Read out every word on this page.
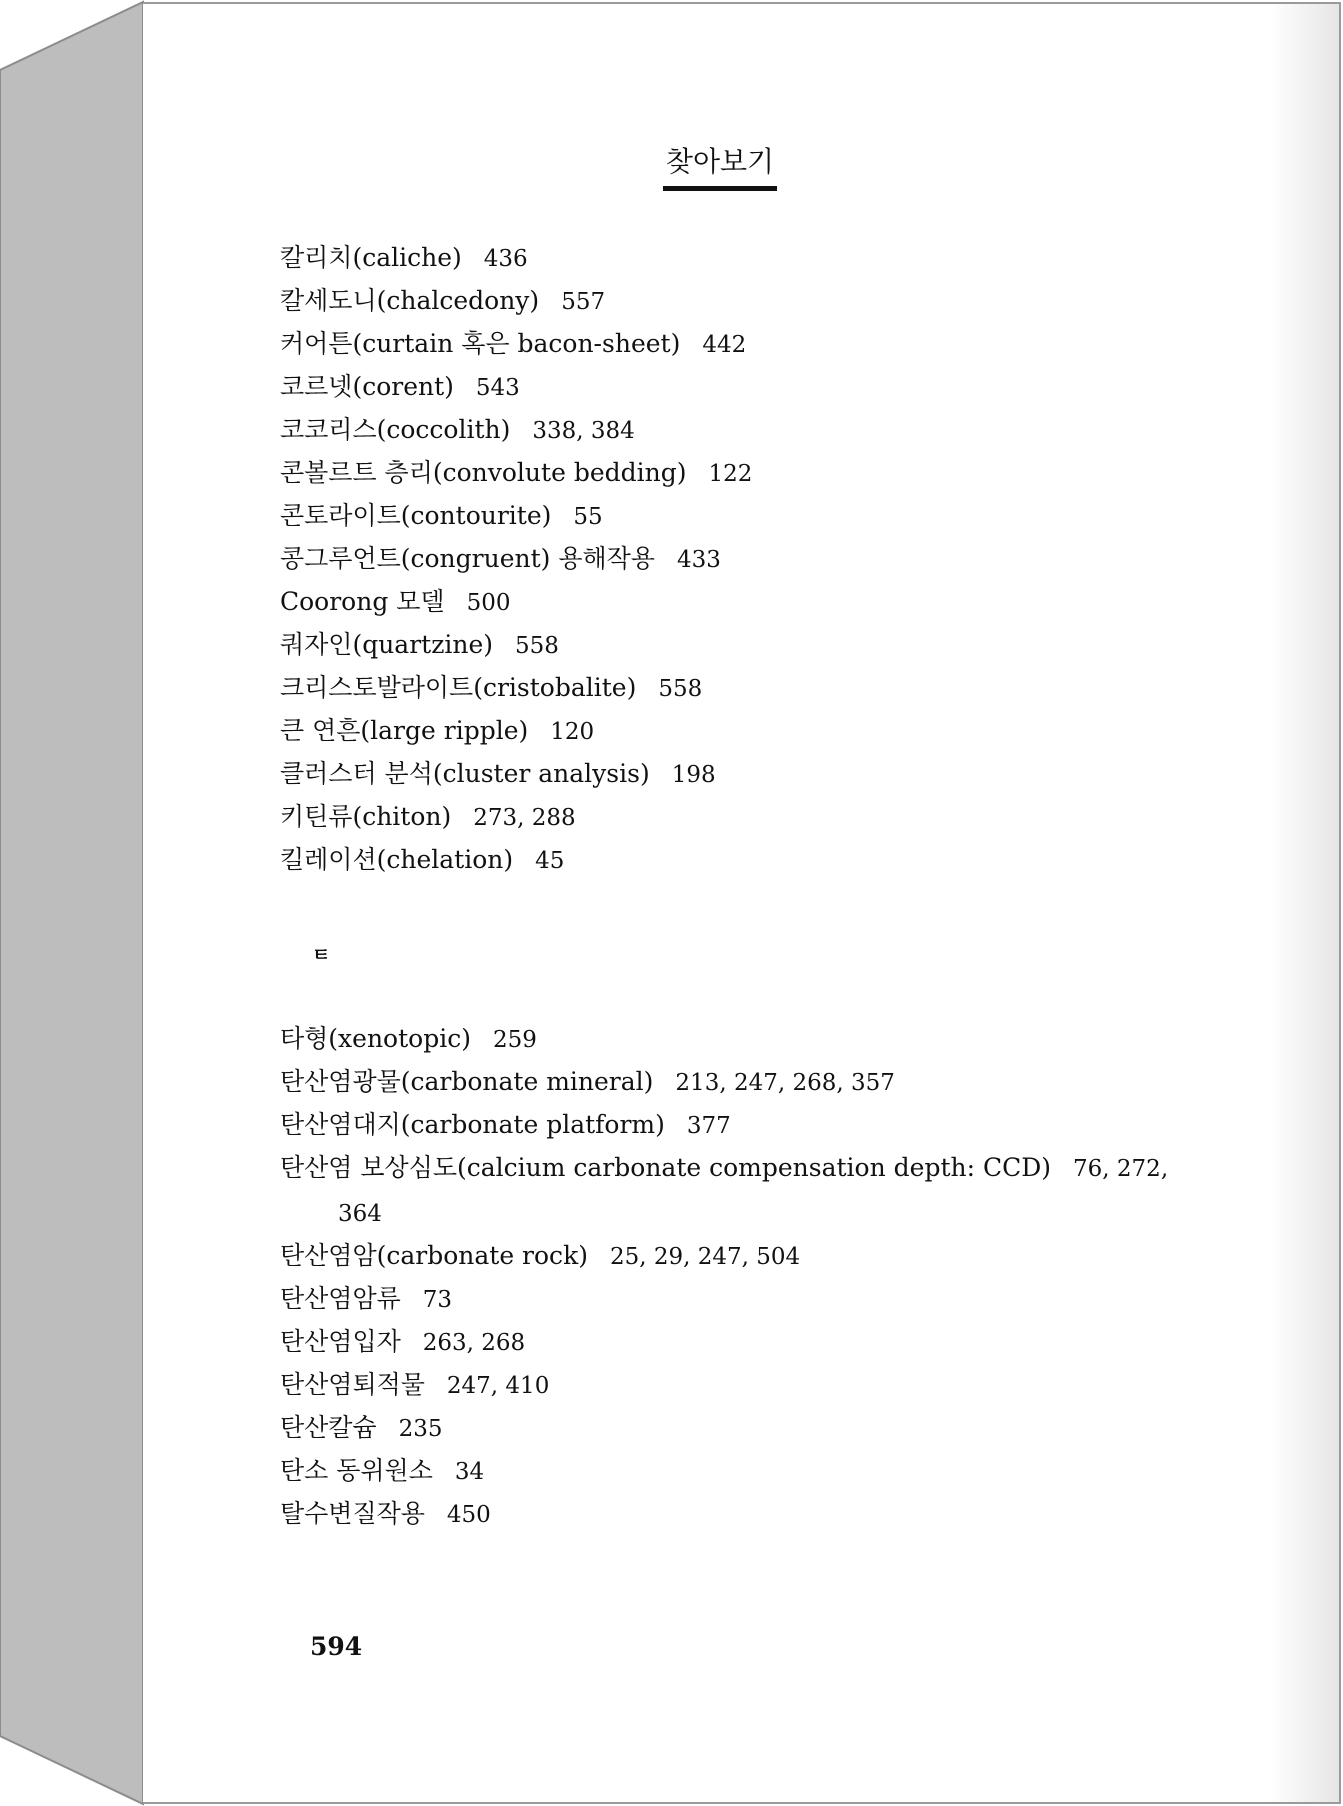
찾아보기
칼리치(caliche) 436
칼세도니(chalcedony) 557
커어튼(curtain 혹은 bacon-sheet) 442
코르넷(corent) 543
코코리스(coccolith) 338, 384
콘볼르트 층리(convolute bedding) 122
콘토라이트(contourite) 55
콩그루언트(congruent) 용해작용 433
Coorong 모델 500
쿼자인(quartzine) 558
크리스토발라이트(cristobalite) 558
큰 연흔(large ripple) 120
클러스터 분석(cluster analysis) 198
키틴류(chiton) 273, 288
킬레이션(chelation) 45
ㅌ
타형(xenotopic) 259
탄산염광물(carbonate mineral) 213, 247, 268, 357
탄산염대지(carbonate platform) 377
탄산염 보상심도(calcium carbonate compensation depth: CCD) 76, 272,
364
탄산염암(carbonate rock) 25, 29, 247, 504
탄산염암류 73
탄산염입자 263, 268
탄산염퇴적물 247, 410
탄산칼슘 235
탄소 동위원소 34
탈수변질작용 450
594
